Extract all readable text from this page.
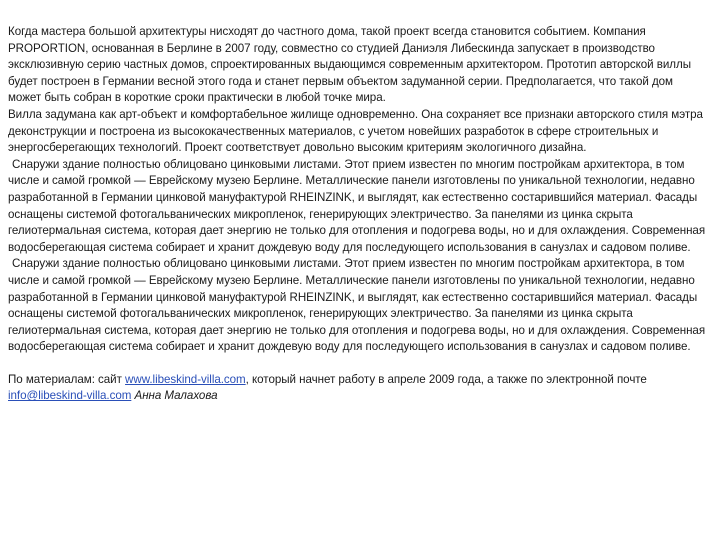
Когда мастера большой архитектуры нисходят до частного дома, такой проект всегда становится событием. Компания PROPORTION, основанная в Берлине в 2007 году, совместно со студией Даниэля Либескинда запускает в производство эксклюзивную серию частных домов, спроектированных выдающимся современным архитектором. Прототип авторской виллы будет построен в Германии весной этого года и станет первым объектом задуманной серии. Предполагается, что такой дом может быть собран в короткие сроки практически в любой точке мира.

Вилла задумана как арт-объект и комфортабельное жилище одновременно. Она сохраняет все признаки авторского стиля мэтра деконструкции и построена из высококачественных материалов, с учетом новейших разработок в сфере строительных и энергосберегающих технологий. Проект соответствует довольно высоким критериям экологичного дизайна.

Снаружи здание полностью облицовано цинковыми листами. Этот прием известен по многим постройкам архитектора, в том числе и самой громкой — Еврейскому музею Берлине. Металлические панели изготовлены по уникальной технологии, недавно разработанной в Германии цинковой мануфактурой RHEINZINK, и выглядят, как естественно состарившийся материал. Фасады оснащены системой фотогальванических микропленок, генерирующих электричество. За панелями из цинка скрыта гелиотермальная система, которая дает энергию не только для отопления и подогрева воды, но и для охлаждения. Современная водосберегающая система собирает и хранит дождевую воду для последующего использования в санузлах и садовом поливе.

Снаружи здание полностью облицовано цинковыми листами. Этот прием известен по многим постройкам архитектора, в том числе и самой громкой — Еврейскому музею Берлине. Металлические панели изготовлены по уникальной технологии, недавно разработанной в Германии цинковой мануфактурой RHEINZINK, и выглядят, как естественно состарившийся материал. Фасады оснащены системой фотогальванических микропленок, генерирующих электричество. За панелями из цинка скрыта гелиотермальная система, которая дает энергию не только для отопления и подогрева воды, но и для охлаждения. Современная водосберегающая система собирает и хранит дождевую воду для последующего использования в санузлах и садовом поливе.

По материалам: сайт www.libeskind-villa.com, который начнет работу в апреле 2009 года, а также по электронной почте info@libeskind-villa.com Анна Малахова
